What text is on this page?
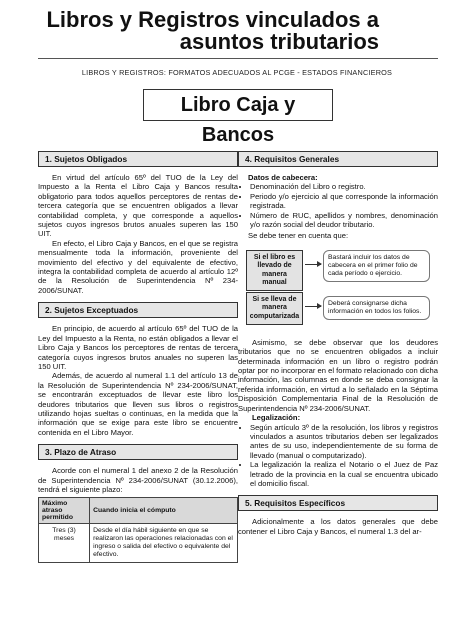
Libros y Registros vinculados a
asuntos tributarios
LIBROS Y REGISTROS: FORMATOS ADECUADOS AL PCGE - ESTADOS FINANCIEROS
Libro Caja y Bancos
1. Sujetos Obligados

En virtud del artículo 65º del TUO de la Ley del Impuesto a la Renta el Libro Caja y Bancos resulta obligatorio para todos aquellos perceptores de rentas de tercera categoría que se encuentren obligados a llevar contabilidad completa, y que corresponde a aquellos sujetos cuyos ingresos brutos anuales superen las 150 UIT.

En efecto, el Libro Caja y Bancos, en el que se registra mensualmente toda la información, proveniente del movimiento del efectivo y del equivalente de efectivo, integra la contabilidad completa de acuerdo al artículo 12º de la Resolución de Superintendencia Nº 234-2006/SUNAT.

2. Sujetos Exceptuados

En principio, de acuerdo al artículo 65º del TUO de la Ley del Impuesto a la Renta, no están obligados a llevar el Libro Caja y Bancos los perceptores de rentas de tercera categoría cuyos ingresos brutos anuales no superen las 150 UIT.

Además, de acuerdo al numeral 1.1 del artículo 13 de la Resolución de Superintendencia Nº 234-2006/SUNAT, se encontrarán exceptuados de llevar este libro los deudores tributarios que lleven sus libros o registros utilizando hojas sueltas o continuas, en la medida que la información que se exige para este libro se encuentre contenida en el Libro Mayor.

3. Plazo de Atraso

Acorde con el numeral 1 del anexo 2 de la Resolución de Superintendencia Nº 234-2006/SUNAT (30.12.2006), tendrá el siguiente plazo:

Máximo atraso permitido	Cuando inicia el cómputo
Tres (3) meses	Desde el día hábil siguiente en que se realizaron las operaciones relacionadas con el ingreso o salida del efectivo o equivalente del efectivo.
4. Requisitos Generales
Datos de cabecera:
• Denominación del Libro o registro.
• Periodo y/o ejercicio al que corresponde la información registrada.
• Número de RUC, apellidos y nombres, denominación y/o razón social del deudor tributario.

Se debe tener en cuenta que:

Si el libro es llevado de manera manual
Bastará incluir los datos de cabecera en el primer folio de cada período o ejercicio.
Si se lleva de manera computarizada
Deberá consignarse dicha información en todos los folios.

Asimismo, se debe observar que los deudores tributarios que no se encuentren obligados a incluir determinada información en un libro o registro podrán optar por no incorporar en el formato relacionado con dicha información, las columnas en donde se deba consignar la referida información, en virtud a lo señalado en la Séptima Disposición Complementaria Final de la Resolución de Superintendencia Nº 234-2006/SUNAT.

Legalización:
• Según artículo 3º de la resolución, los libros y registros vinculados a asuntos tributarios deben ser legalizados antes de su uso, independientemente de su forma de llevado (manual o computarizado).
• La legalización la realiza el Notario o el Juez de Paz letrado de la provincia en la cual se encuentra ubicado el domicilio fiscal.
5. Requisitos Específicos

Adicionalmente a los datos generales que debe contener el Libro Caja y Bancos, el numeral 1.3 del ar-
